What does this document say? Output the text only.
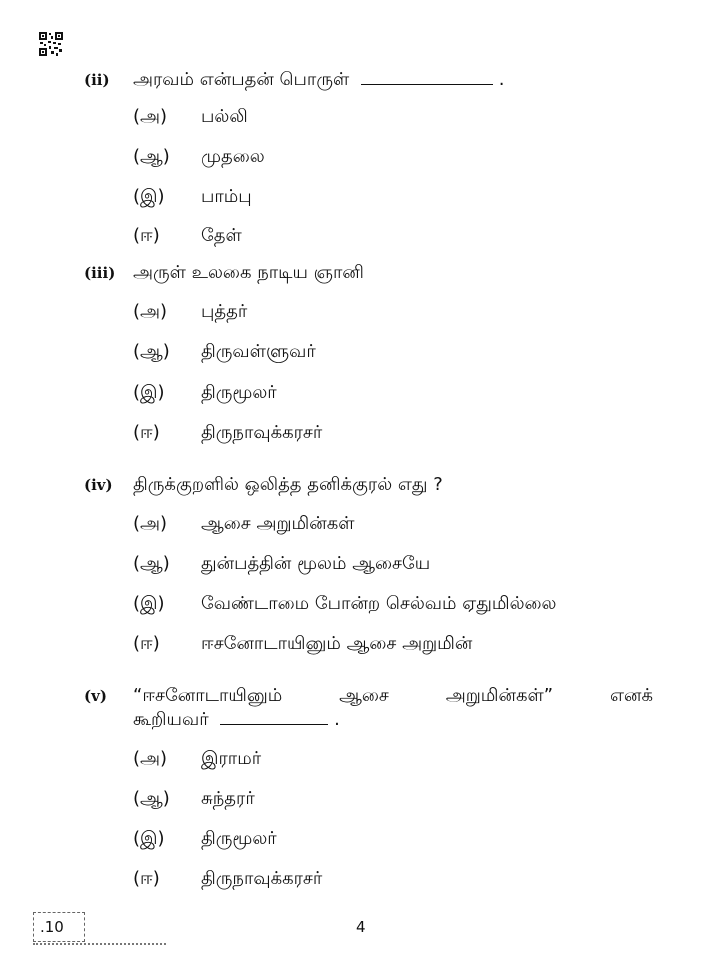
(ii)	அரவம் என்பதன் பொருள்	.
(அ)	பல்லி
(ஆ)	முதலை
(இ)	பாம்பு
(ஈ)	தேள்
(iii) அருள் உலகை நாடிய ஞானி
(அ)	புத்தர்
(ஆ)	திருவள்ளுவர்
(இ)	திருமூலர்
(ஈ)	திருநாவுக்கரசர்
(iv)	திருக்குறளில் ஒலித்த தனிக்குரல் எது ?
(அ)	ஆசை அறுமின்கள்
(ஆ)	துன்பத்தின் மூலம் ஆசையே
(இ)	வேண்டாமை போன்ற செல்வம் ஏதுமில்லை
(ஈ)	ஈசனோடாயினும் ஆசை அறுமின்
(v)	“ஈசனோடாயினும்	ஆசை	அறுமின்கள்”	எனக்
கூறியவர்	.
(அ)	இராமர்
(ஆ)	சுந்தரர்
(இ)	திருமூலர்
(ஈ)	திருநாவுக்கரசர்
.10	4
